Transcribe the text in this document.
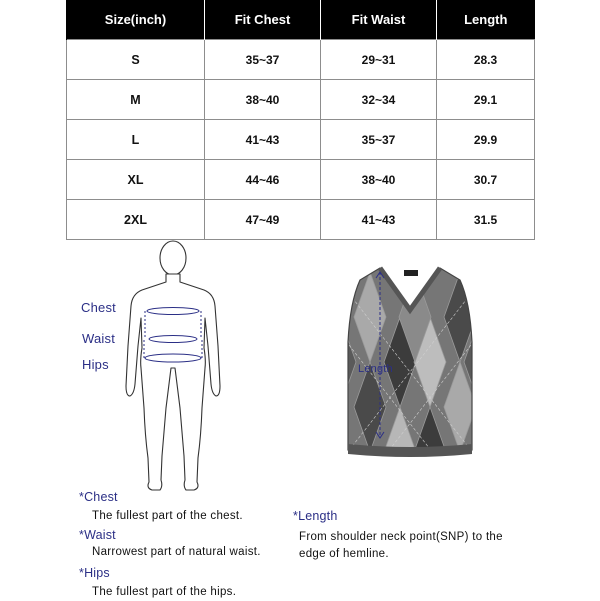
Size(inch)	Fit Chest	Fit Waist	Length
S	35~37	29~31	28.3
M	38~40	32~34	29.1
L	41~43	35~37	29.9
XL	44~46	38~40	30.7
2XL	47~49	41~43	31.5
Chest
Waist
Hips	Length
*Chest
The fullest part of the chest.
*Waist
Narrowest part of natural waist.
*Hips
The fullest part of the hips.
*Length
From shoulder neck point(SNP) to the edge of hemline.
